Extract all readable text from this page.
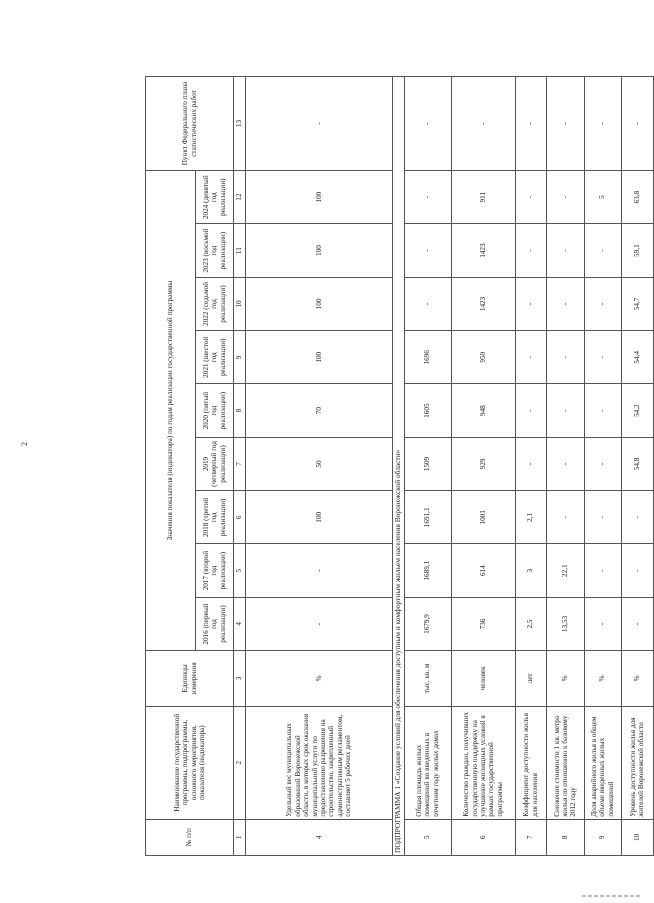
2
№ п/п	Наименование государственной программы, подпрограммы, основного мероприятия, показателя (индикатора)	Единицы измерения	Значения показателя (индикатора) по годам реализации государственной программы									Пункт Федерального плана статистических работ
			2016 (первый год реализации)	2017 (второй год реализации)	2018 (третий год реализации)	2019 (четвертый год реализации)	2020 (пятый год реализации)	2021 (шестой год реализации)	2022 (седьмой год реализации)	2023 (восьмой год реализации)	2024 (девятый год реализации)	
1	2	3	4	5	6	7	8	9	10	11	12	13
4	Удельный вес муниципальных образований Воронежской области, в которых срок оказания муниципальной услуги по предоставлению разрешения на строительство, закрепленный административным регламентом, составляет 5 рабочих дней	%	-	-	100	50	70	100	100	100	100	-
ПОДПРОГРАММА 1 «Создание условий для обеспечения доступным и комфортным жильем населения Воронежской области»												
5	Общая площадь жилых помещений во введенных в отчетном году жилых домах	тыс. кв. м	1679,9	1689,1	1691,1	1509	1605	1696	-	-	-	-
6	Количество граждан, получивших государственную поддержку на улучшение жилищных условий в рамках государственной программы	человек	736	614	1001	929	948	950	1423	1423	911	-
7	Коэффициент доступности жилья для населения	лет	2,5	3	2,1	-	-	-	-	-	-	-
8	Снижение стоимости 1 кв. метра жилья по отношению к базовому 2012 году	%	13,53	22,1	-	-	-	-	-	-	-	-
9	Доля аварийного жилья в общем объеме введенных жилых помещений	%	-	-	-	-	-	-	-	-	5	-
10	Уровень доступности жилья для жителей Воронежской области	%	-	-	-	54,8	54,2	54,4	54,7	59,1	63,8	-
